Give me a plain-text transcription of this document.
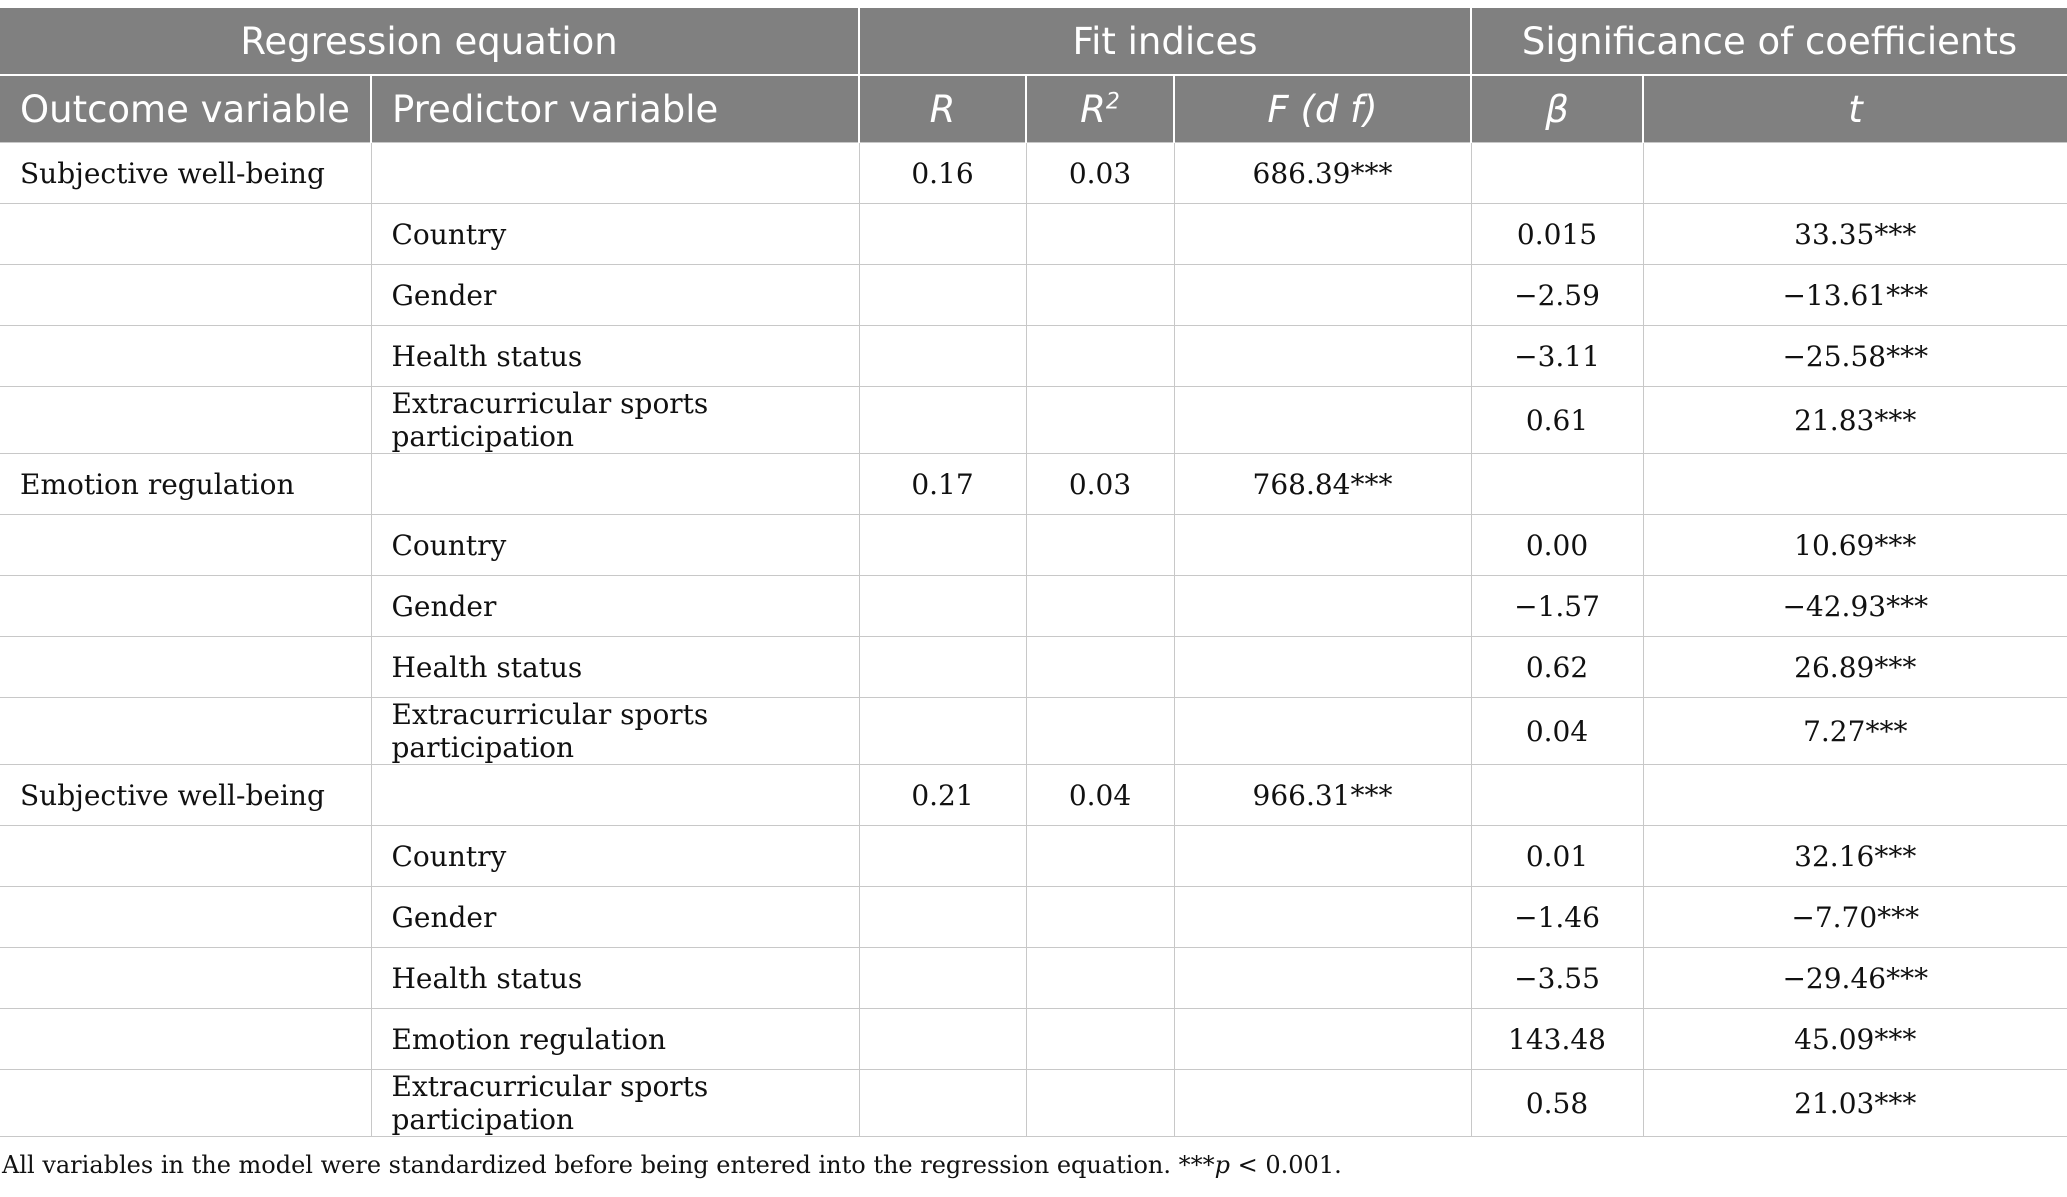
Regression equation		Fit indices			Significance of coefficients	
Outcome variable	Predictor variable	R	$R^2$	F (d f)	β	t
Subjective well-being		0.16	0.03	686.39***		
	Country				0.015	33.35***
	Gender				−2.59	−13.61***
	Health status				−3.11	−25.58***
	Extracurricular sports participation				0.61	21.83***
Emotion regulation		0.17	0.03	768.84***		
	Country				0.00	10.69***
	Gender				−1.57	−42.93***
	Health status				0.62	26.89***
	Extracurricular sports participation				0.04	7.27***
Subjective well-being		0.21	0.04	966.31***		
	Country				0.01	32.16***
	Gender				−1.46	−7.70***
	Health status				−3.55	−29.46***
	Emotion regulation				143.48	45.09***
	Extracurricular sports participation				0.58	21.03***
All variables in the model were standardized before being entered into the regression equation. ***p < 0.001.
